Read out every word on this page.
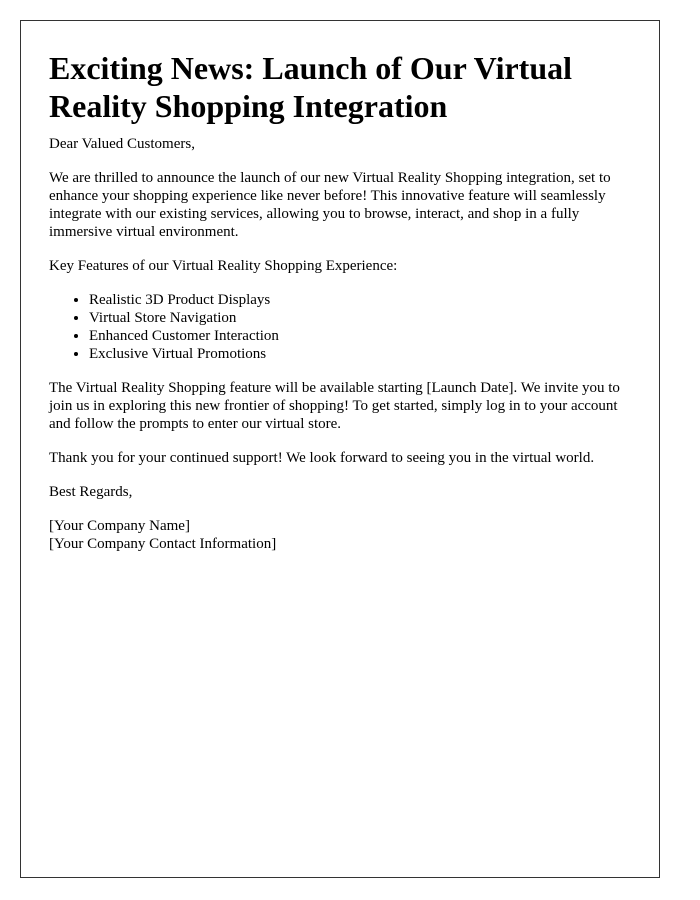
Exciting News: Launch of Our Virtual Reality Shopping Integration

Dear Valued Customers,

We are thrilled to announce the launch of our new Virtual Reality Shopping integration, set to enhance your shopping experience like never before! This innovative feature will seamlessly integrate with our existing services, allowing you to browse, interact, and shop in a fully immersive virtual environment.

Key Features of our Virtual Reality Shopping Experience:

• Realistic 3D Product Displays
• Virtual Store Navigation
• Enhanced Customer Interaction
• Exclusive Virtual Promotions

The Virtual Reality Shopping feature will be available starting [Launch Date]. We invite you to join us in exploring this new frontier of shopping! To get started, simply log in to your account and follow the prompts to enter our virtual store.

Thank you for your continued support! We look forward to seeing you in the virtual world.

Best Regards,

[Your Company Name]
[Your Company Contact Information]
